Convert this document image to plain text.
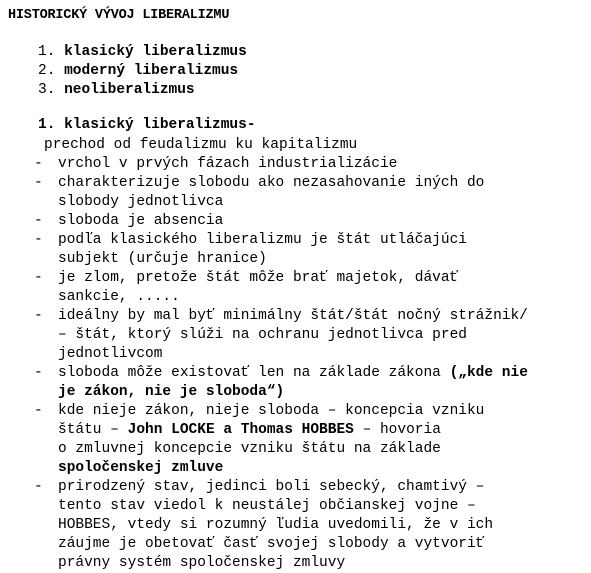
HISTORICKÝ VÝVOJ LIBERALIZMU
1. klasický liberalizmus
2. moderný liberalizmus
3. neoliberalizmus
1. klasický liberalizmus-
prechod od feudalizmu ku kapitalizmu
- vrchol v prvých fázach industrializácie
- charakterizuje slobodu ako nezasahovanie iných do
slobody jednotlivca
- sloboda je absencia
- podľa klasického liberalizmu je štát utláčajúci
subjekt (určuje hranice)
- je zlom, pretože štát môže brať majetok, dávať
sankcie, .....
- ideálny by mal byť minimálny štát/štát nočný strážnik/
– štát, ktorý slúži na ochranu jednotlivca pred
jednotlivcom
- sloboda môže existovať len na základe zákona („kde nie
je zákon, nie je sloboda“)
- kde nieje zákon, nieje sloboda – koncepcia vzniku
štátu – John LOCKE a Thomas HOBBES – hovoria
o zmluvnej koncepcie vzniku štátu na základe
spoločenskej zmluve
- prirodzený stav, jedinci boli sebecký, chamtivý –
tento stav viedol k neustálej občianskej vojne –
HOBBES, vtedy si rozumný ľudia uvedomili, že v ich
záujme je obetovať časť svojej slobody a vytvoriť
právny systém spoločenskej zmluvy
